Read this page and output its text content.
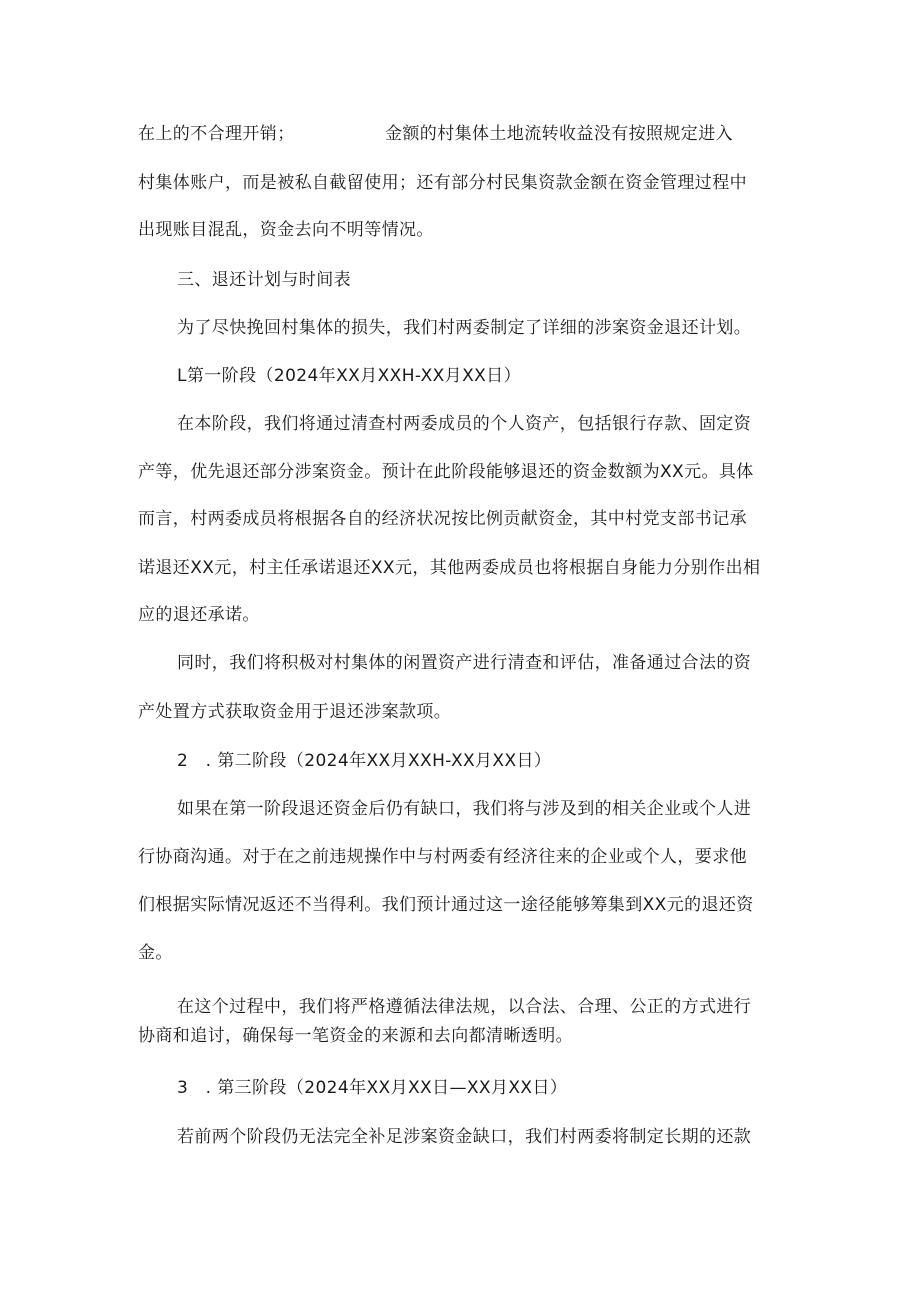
在上的不合理开销；	金额的村集体土地流转收益没有按照规定进入
村集体账户，而是被私自截留使用；还有部分村民集资款金额在资金管理过程中
出现账目混乱，资金去向不明等情况。
三、退还计划与时间表
为了尽快挽回村集体的损失，我们村两委制定了详细的涉案资金退还计划。
L第一阶段（2024年XX月XXH-XX月XX日）
在本阶段，我们将通过清查村两委成员的个人资产，包括银行存款、固定资
产等，优先退还部分涉案资金。预计在此阶段能够退还的资金数额为XX元。具体
而言，村两委成员将根据各自的经济状况按比例贡献资金，其中村党支部书记承
诺退还XX元，村主任承诺退还XX元，其他两委成员也将根据自身能力分别作出相
应的退还承诺。
同时，我们将积极对村集体的闲置资产进行清查和评估，准备通过合法的资
产处置方式获取资金用于退还涉案款项。
2　. 第二阶段（2024年XX月XXH-XX月XX日）
如果在第一阶段退还资金后仍有缺口，我们将与涉及到的相关企业或个人进
行协商沟通。对于在之前违规操作中与村两委有经济往来的企业或个人，要求他
们根据实际情况返还不当得利。我们预计通过这一途径能够筹集到XX元的退还资
金。
在这个过程中，我们将严格遵循法律法规，以合法、合理、公正的方式进行
协商和追讨，确保每一笔资金的来源和去向都清晰透明。
3　. 第三阶段（2024年XX月XX日—XX月XX日）
若前两个阶段仍无法完全补足涉案资金缺口，我们村两委将制定长期的还款
